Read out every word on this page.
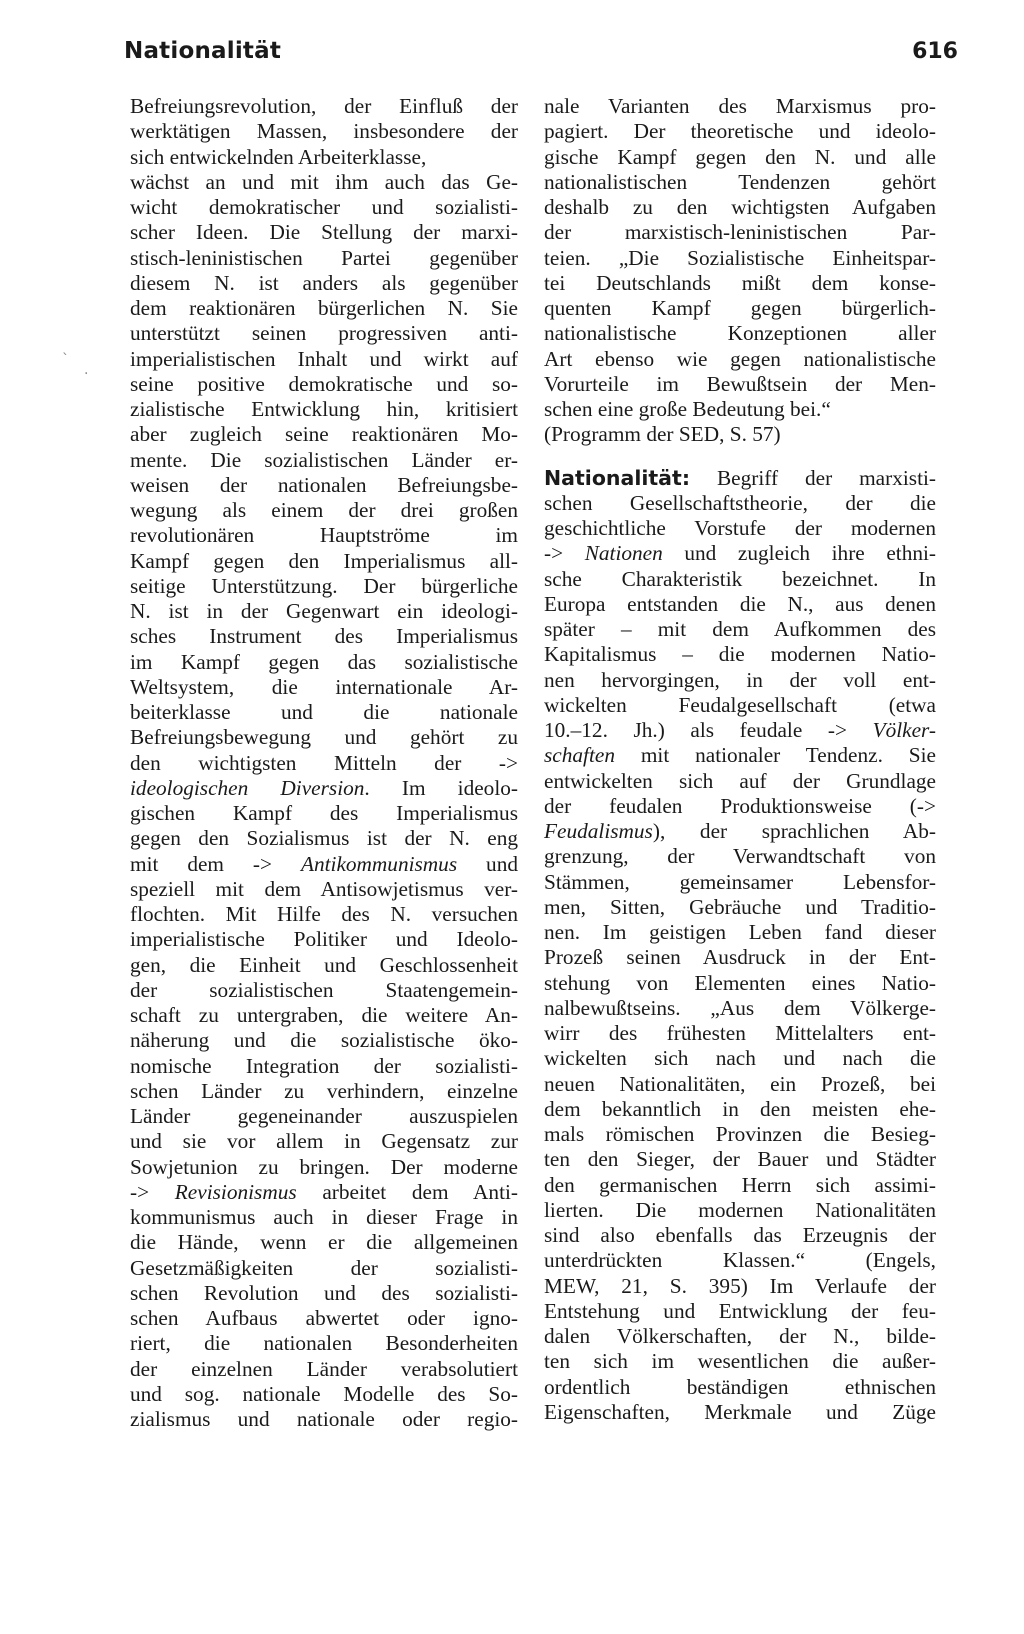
Nationalität	616
`
·
Befreiungsrevolution, der Einfluß der
werktätigen Massen, insbesondere der
sich entwickelnden Arbeiterklasse,
wächst an und mit ihm auch das Ge-
wicht demokratischer und sozialisti-
scher Ideen. Die Stellung der marxi-
stisch-leninistischen Partei gegenüber
diesem N. ist anders als gegenüber
dem reaktionären bürgerlichen N. Sie
unterstützt seinen progressiven anti-
imperialistischen Inhalt und wirkt auf
seine positive demokratische und so-
zialistische Entwicklung hin, kritisiert
aber zugleich seine reaktionären Mo-
mente. Die sozialistischen Länder er-
weisen der nationalen Befreiungsbe-
wegung als einem der drei großen
revolutionären Hauptströme im
Kampf gegen den Imperialismus all-
seitige Unterstützung. Der bürgerliche
N. ist in der Gegenwart ein ideologi-
sches Instrument des Imperialismus
im Kampf gegen das sozialistische
Weltsystem, die internationale Ar-
beiterklasse und die nationale
Befreiungsbewegung und gehört zu
den wichtigsten Mitteln der ->
ideologischen Diversion. Im ideolo-
gischen Kampf des Imperialismus
gegen den Sozialismus ist der N. eng
mit dem -> Antikommunismus und
speziell mit dem Antisowjetismus ver-
flochten. Mit Hilfe des N. versuchen
imperialistische Politiker und Ideolo-
gen, die Einheit und Geschlossenheit
der sozialistischen Staatengemein-
schaft zu untergraben, die weitere An-
näherung und die sozialistische öko-
nomische Integration der sozialisti-
schen Länder zu verhindern, einzelne
Länder gegeneinander auszuspielen
und sie vor allem in Gegensatz zur
Sowjetunion zu bringen. Der moderne
-> Revisionismus arbeitet dem Anti-
kommunismus auch in dieser Frage in
die Hände, wenn er die allgemeinen
Gesetzmäßigkeiten der sozialisti-
schen Revolution und des sozialisti-
schen Aufbaus abwertet oder igno-
riert, die nationalen Besonderheiten
der einzelnen Länder verabsolutiert
und sog. nationale Modelle des So-
zialismus und nationale oder regio-
nale Varianten des Marxismus pro-
pagiert. Der theoretische und ideolo-
gische Kampf gegen den N. und alle
nationalistischen Tendenzen gehört
deshalb zu den wichtigsten Aufgaben
der marxistisch-leninistischen Par-
teien. „Die Sozialistische Einheitspar-
tei Deutschlands mißt dem konse-
quenten Kampf gegen bürgerlich-
nationalistische Konzeptionen aller
Art ebenso wie gegen nationalistische
Vorurteile im Bewußtsein der Men-
schen eine große Bedeutung bei.“
(Programm der SED, S. 57)
Nationalität: Begriff der marxisti-
schen Gesellschaftstheorie, der die
geschichtliche Vorstufe der modernen
-> Nationen und zugleich ihre ethni-
sche Charakteristik bezeichnet. In
Europa entstanden die N., aus denen
später – mit dem Aufkommen des
Kapitalismus – die modernen Natio-
nen hervorgingen, in der voll ent-
wickelten Feudalgesellschaft (etwa
10.–12. Jh.) als feudale -> Völker-
schaften mit nationaler Tendenz. Sie
entwickelten sich auf der Grundlage
der feudalen Produktionsweise (->
Feudalismus), der sprachlichen Ab-
grenzung, der Verwandtschaft von
Stämmen, gemeinsamer Lebensfor-
men, Sitten, Gebräuche und Traditio-
nen. Im geistigen Leben fand dieser
Prozeß seinen Ausdruck in der Ent-
stehung von Elementen eines Natio-
nalbewußtseins. „Aus dem Völkerge-
wirr des frühesten Mittelalters ent-
wickelten sich nach und nach die
neuen Nationalitäten, ein Prozeß, bei
dem bekanntlich in den meisten ehe-
mals römischen Provinzen die Besieg-
ten den Sieger, der Bauer und Städter
den germanischen Herrn sich assimi-
lierten. Die modernen Nationalitäten
sind also ebenfalls das Erzeugnis der
unterdrückten Klassen.“ (Engels,
MEW, 21, S. 395) Im Verlaufe der
Entstehung und Entwicklung der feu-
dalen Völkerschaften, der N., bilde-
ten sich im wesentlichen die außer-
ordentlich beständigen ethnischen
Eigenschaften, Merkmale und Züge
